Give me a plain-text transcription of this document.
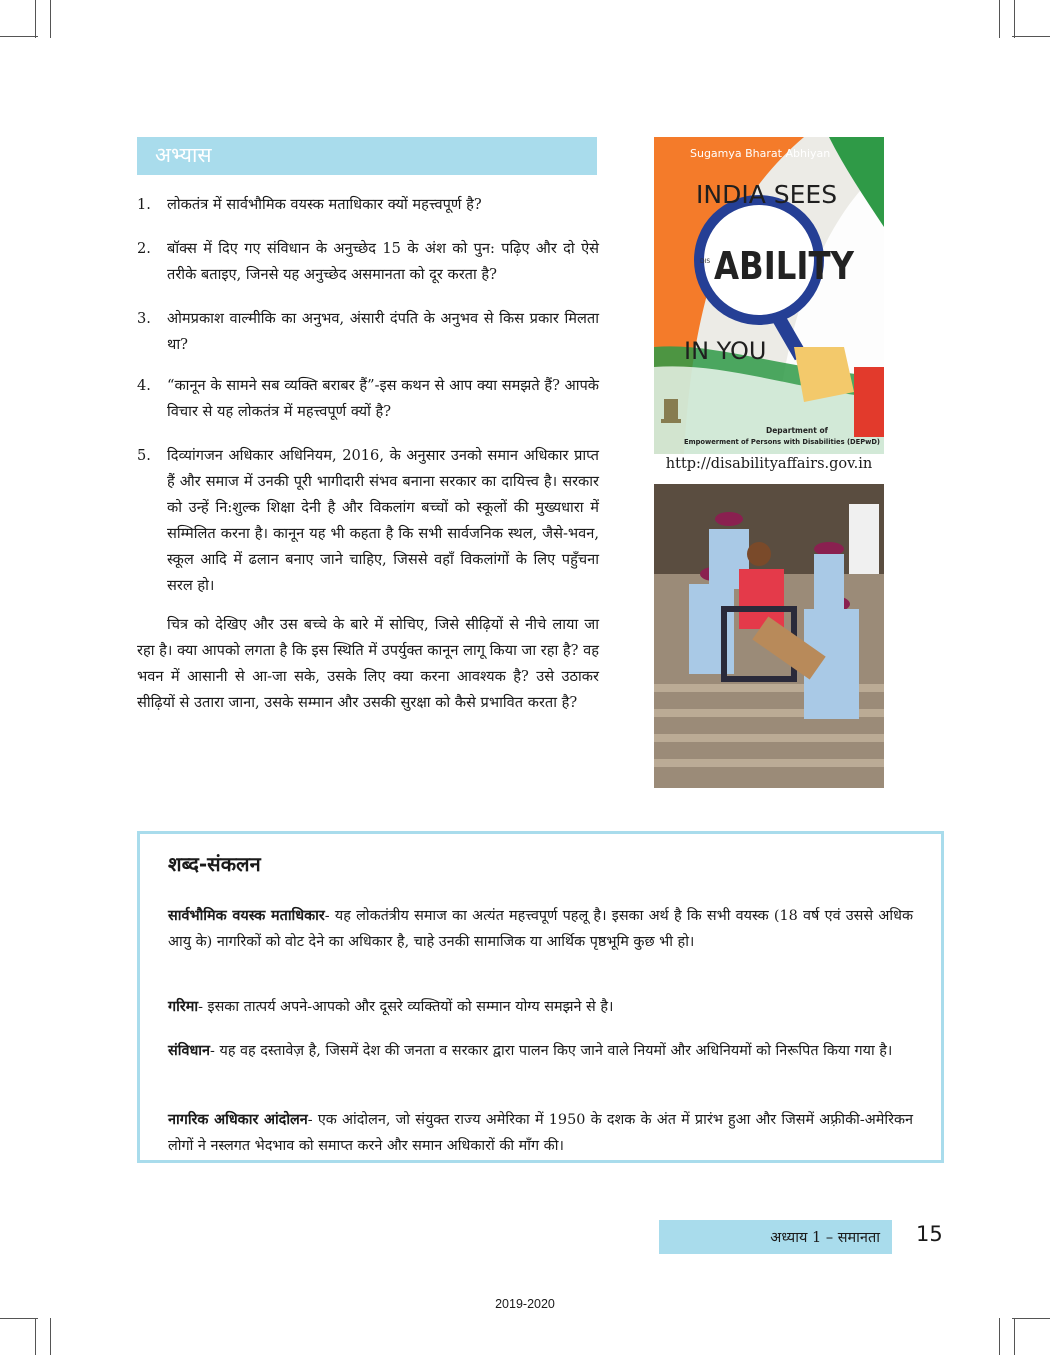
अभ्यास
1. लोकतंत्र में सार्वभौमिक वयस्क मताधिकार क्यों महत्त्वपूर्ण है?
2. बॉक्स में दिए गए संविधान के अनुच्छेद 15 के अंश को पुन: पढ़िए और दो ऐसे तरीके बताइए, जिनसे यह अनुच्छेद असमानता को दूर करता है?
3. ओमप्रकाश वाल्मीकि का अनुभव, अंसारी दंपति के अनुभव से किस प्रकार मिलता था?
4. “कानून के सामने सब व्यक्ति बराबर हैं”-इस कथन से आप क्या समझते हैं? आपके विचार से यह लोकतंत्र में महत्त्वपूर्ण क्यों है?
5. दिव्यांगजन अधिकार अधिनियम, 2016, के अनुसार उनको समान अधिकार प्राप्त हैं और समाज में उनकी पूरी भागीदारी संभव बनाना सरकार का दायित्त्व है। सरकार को उन्हें नि:शुल्क शिक्षा देनी है और विकलांग बच्चों को स्कूलों की मुख्यधारा में सम्मिलित करना है। कानून यह भी कहता है कि सभी सार्वजनिक स्थल, जैसे-भवन, स्कूल आदि में ढलान बनाए जाने चाहिए, जिससे वहाँ विकलांगों के लिए पहुँचना सरल हो।
चित्र को देखिए और उस बच्चे के बारे में सोचिए, जिसे सीढ़ियों से नीचे लाया जा रहा है। क्या आपको लगता है कि इस स्थिति में उपर्युक्त कानून लागू किया जा रहा है? वह भवन में आसानी से आ-जा सके, उसके लिए क्या करना आवश्यक है? उसे उठाकर सीढ़ियों से उतारा जाना, उसके सम्मान और उसकी सुरक्षा को कैसे प्रभावित करता है?
Sugamya Bharat Abhiyan
INDIA SEES
DIS ABILITY
IN YOU
Department of
Empowerment of Persons with Disabilities (DEPwD)
http://disabilityaffairs.gov.in
शब्द-संकलन
सार्वभौमिक वयस्क मताधिकार- यह लोकतंत्रीय समाज का अत्यंत महत्त्वपूर्ण पहलू है। इसका अर्थ है कि सभी वयस्क (18 वर्ष एवं उससे अधिक आयु के) नागरिकों को वोट देने का अधिकार है, चाहे उनकी सामाजिक या आर्थिक पृष्ठभूमि कुछ भी हो।
गरिमा- इसका तात्पर्य अपने-आपको और दूसरे व्यक्तियों को सम्मान योग्य समझने से है।
संविधान- यह वह दस्तावेज़ है, जिसमें देश की जनता व सरकार द्वारा पालन किए जाने वाले नियमों और अधिनियमों को निरूपित किया गया है।
नागरिक अधिकार आंदोलन- एक आंदोलन, जो संयुक्त राज्य अमेरिका में 1950 के दशक के अंत में प्रारंभ हुआ और जिसमें अफ़्रीकी-अमेरिकन लोगों ने नस्लगत भेदभाव को समाप्त करने और समान अधिकारों की माँग की।
अध्याय 1 – समानता 15
2019-2020
